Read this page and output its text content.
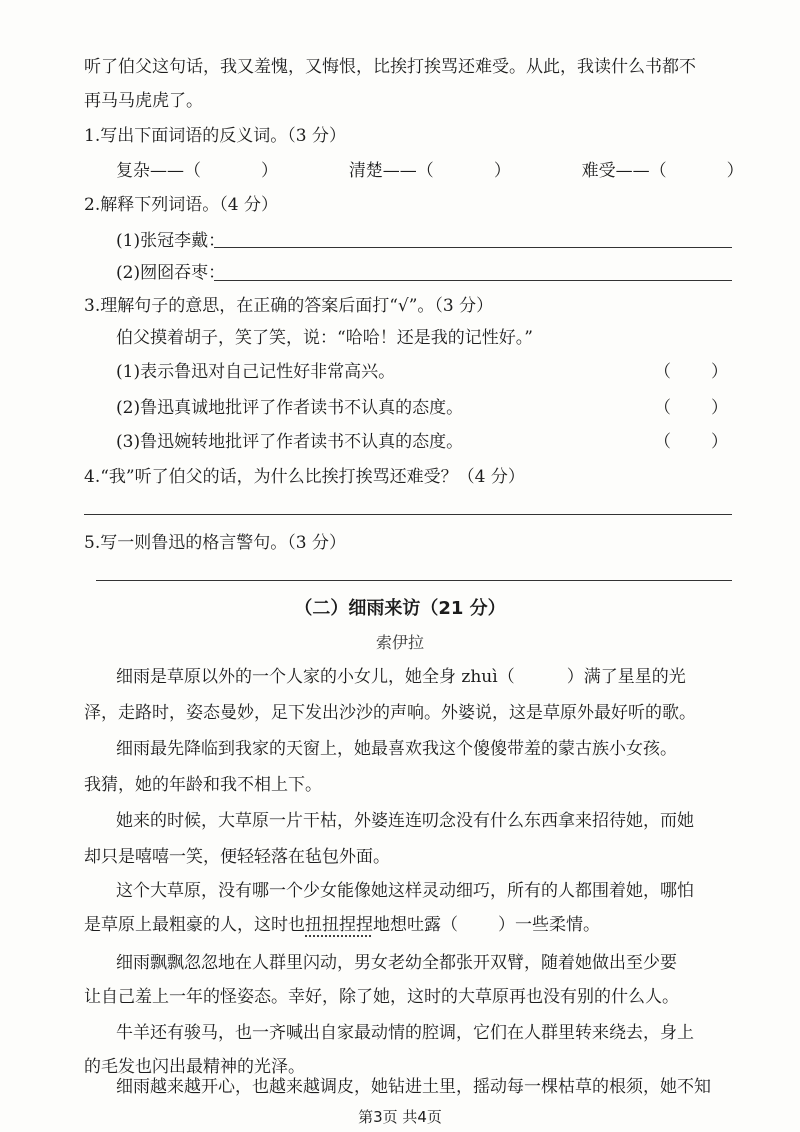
听了伯父这句话，我又羞愧，又悔恨，比挨打挨骂还难受。从此，我读什么书都不
再马马虎虎了。
1.写出下面词语的反义词。（3 分）
复杂——（	）	清楚——（	）	难受——（	）
2.解释下列词语。（4 分）
(1)张冠李戴：
(2)囫囵吞枣：
3.理解句子的意思，在正确的答案后面打“√”。（3 分）
伯父摸着胡子，笑了笑，说：“哈哈！还是我的记性好。”
(1)表示鲁迅对自己记性好非常高兴。	（ ）
(2)鲁迅真诚地批评了作者读书不认真的态度。	（ ）
(3)鲁迅婉转地批评了作者读书不认真的态度。	（ ）
4.“我”听了伯父的话，为什么比挨打挨骂还难受？（4 分）
5.写一则鲁迅的格言警句。（3 分）
（二）细雨来访（21 分）
索伊拉
细雨是草原以外的一个人家的小女儿，她全身 zhuì（	）满了星星的光
泽，走路时，姿态曼妙，足下发出沙沙的声响。外婆说，这是草原外最好听的歌。
细雨最先降临到我家的天窗上，她最喜欢我这个傻傻带羞的蒙古族小女孩。
我猜，她的年龄和我不相上下。
她来的时候，大草原一片干枯，外婆连连叨念没有什么东西拿来招待她，而她
却只是嘻嘻一笑，便轻轻落在毡包外面。
这个大草原，没有哪一个少女能像她这样灵动细巧，所有的人都围着她，哪怕
是草原上最粗豪的人，这时也扭扭捏捏地想吐露（ ）一些柔情。
细雨飘飘忽忽地在人群里闪动，男女老幼全都张开双臂，随着她做出至少要
让自己羞上一年的怪姿态。幸好，除了她，这时的大草原再也没有别的什么人。
牛羊还有骏马，也一齐喊出自家最动情的腔调，它们在人群里转来绕去，身上
的毛发也闪出最精神的光泽。
细雨越来越开心，也越来越调皮，她钻进土里，摇动每一棵枯草的根须，她不知
第3页 共4页
